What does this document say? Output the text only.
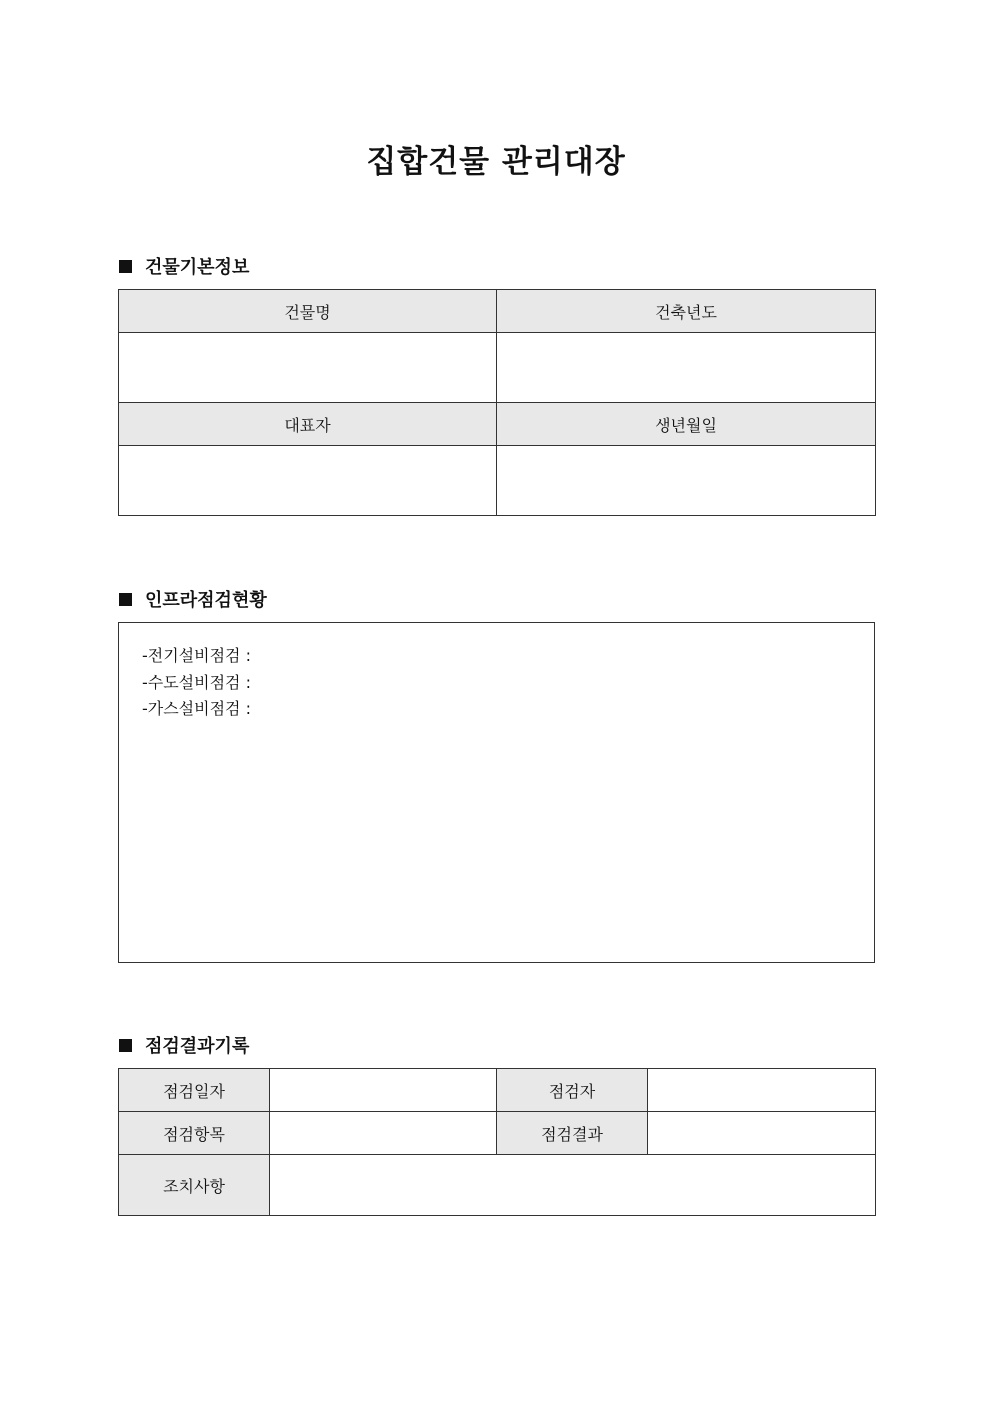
집합건물 관리대장
건물기본정보
건물명	건축년도

대표자	생년월일

인프라점검현황
-전기설비점검 :
-수도설비점검 :
-가스설비점검 :
점검결과기록
점검일자		점검자	
점검항목		점검결과	
조치사항			
